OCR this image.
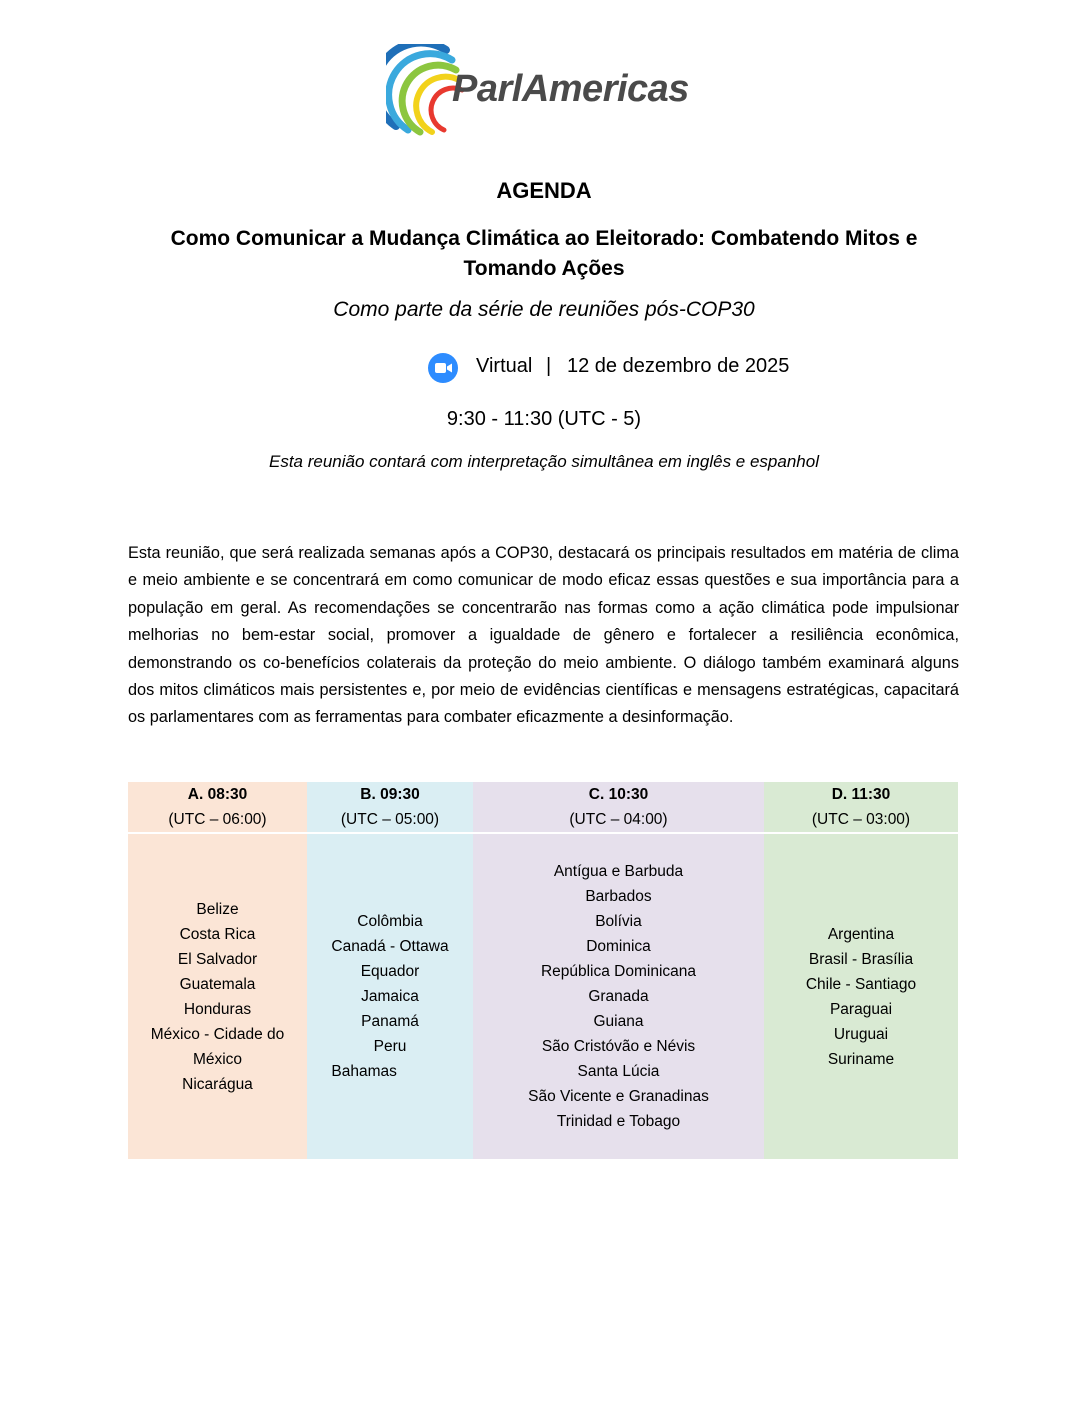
ParlAmericas
AGENDA
Como Comunicar a Mudança Climática ao Eleitorado: Combatendo Mitos e Tomando Ações
Como parte da série de reuniões pós-COP30
Virtual | 12 de dezembro de 2025
9:30 - 11:30 (UTC - 5)
Esta reunião contará com interpretação simultânea em inglês e espanhol
Esta reunião, que será realizada semanas após a COP30, destacará os principais resultados em matéria de clima e meio ambiente e se concentrará em como comunicar de modo eficaz essas questões e sua importância para a população em geral. As recomendações se concentrarão nas formas como a ação climática pode impulsionar melhorias no bem-estar social, promover a igualdade de gênero e fortalecer a resiliência econômica, demonstrando os co-benefícios colaterais da proteção do meio ambiente. O diálogo também examinará alguns dos mitos climáticos mais persistentes e, por meio de evidências científicas e mensagens estratégicas, capacitará os parlamentares com as ferramentas para combater eficazmente a desinformação.
A. 08:30
(UTC – 06:00)
Belize
Costa Rica
El Salvador
Guatemala
Honduras
México - Cidade do
México
Nicarágua
B. 09:30
(UTC – 05:00)
Colômbia
Canadá - Ottawa
Equador
Jamaica
Panamá
Peru
Bahamas
C. 10:30
(UTC – 04:00)
Antígua e Barbuda
Barbados
Bolívia
Dominica
República Dominicana
Granada
Guiana
São Cristóvão e Névis
Santa Lúcia
São Vicente e Granadinas
Trinidad e Tobago
D. 11:30
(UTC – 03:00)
Argentina
Brasil - Brasília
Chile - Santiago
Paraguai
Uruguai
Suriname
